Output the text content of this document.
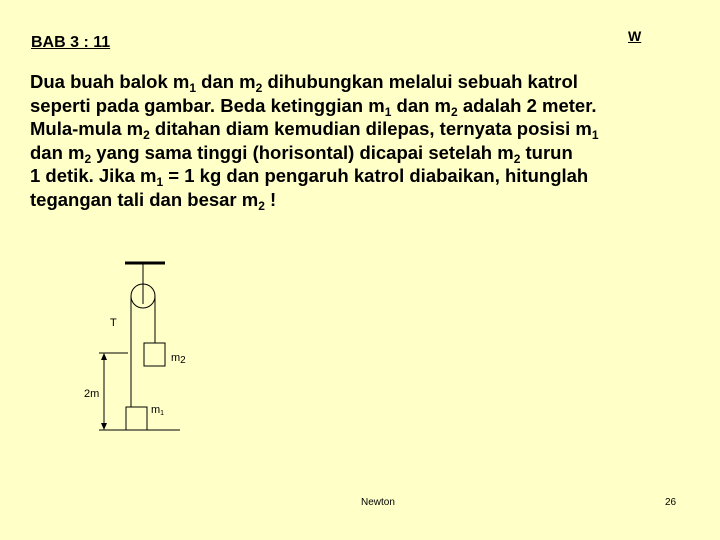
BAB 3 : 11	W
Dua buah balok $m_1$ dan $m_2$ dihubungkan melalui sebuah katrol
seperti pada gambar. Beda ketinggian $m_1$ dan $m_2$ adalah 2 meter.
Mula-mula $m_2$ ditahan diam kemudian dilepas, ternyata posisi $m_1$
dan $m_2$ yang sama tinggi (horisontal) dicapai setelah $m_2$ turun
1 detik. Jika $m_1 = 1$ kg dan pengaruh katrol diabaikan, hitunglah
tegangan tali dan besar $m_2$ !
T
m2
m1
2m
Newton	26
